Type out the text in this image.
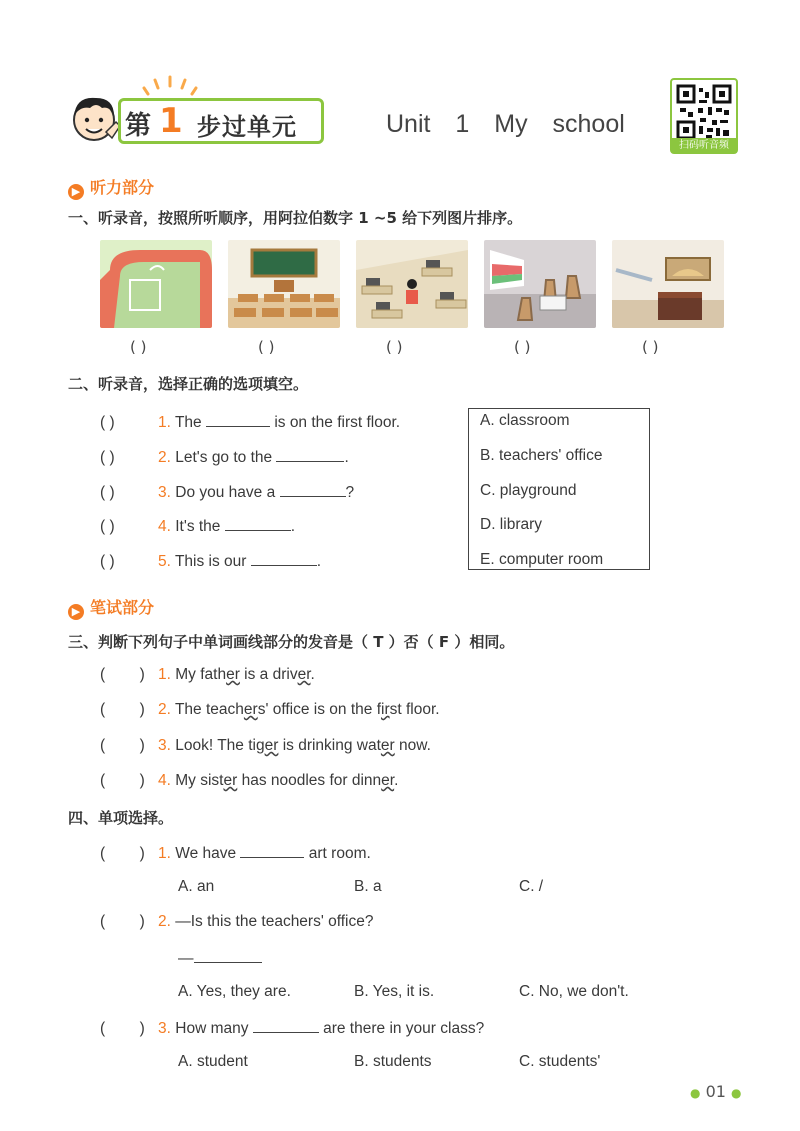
第 1 步过单元	Unit 1 My school
扫码听音频
▶ 听力部分
一、听录音，按照所听顺序，用阿拉伯数字 1 ~5 给下列图片排序。
( )	( )	( )	( )	( )
二、听录音，选择正确的选项填空。
( )	1. The	is on the first floor.
( )	2. Let's go to the	.
( )	3. Do you have a	?
( )	4. It's the	.
( )	5. This is our	.
A. classroom
B. teachers' office
C. playground
D. library
E. computer room
▶ 笔试部分
三、判断下列句子中单词画线部分的发音是（ T ）否（ F ）相同。
(        ) 1. My father is a driver.
(        ) 2. The teachers' office is on the first floor.
(        ) 3. Look! The tiger is drinking water now.
(        ) 4. My sister has noodles for dinner.
四、单项选择。
(        ) 1. We have	art room.
A. an	B. a	C. /
(        ) 2. —Is this the teachers' office?
—
A. Yes, they are.	B. Yes, it is.	C. No, we don't.
(        ) 3. How many	are there in your class?
A. student	B. students	C. students'
● 01 ●
